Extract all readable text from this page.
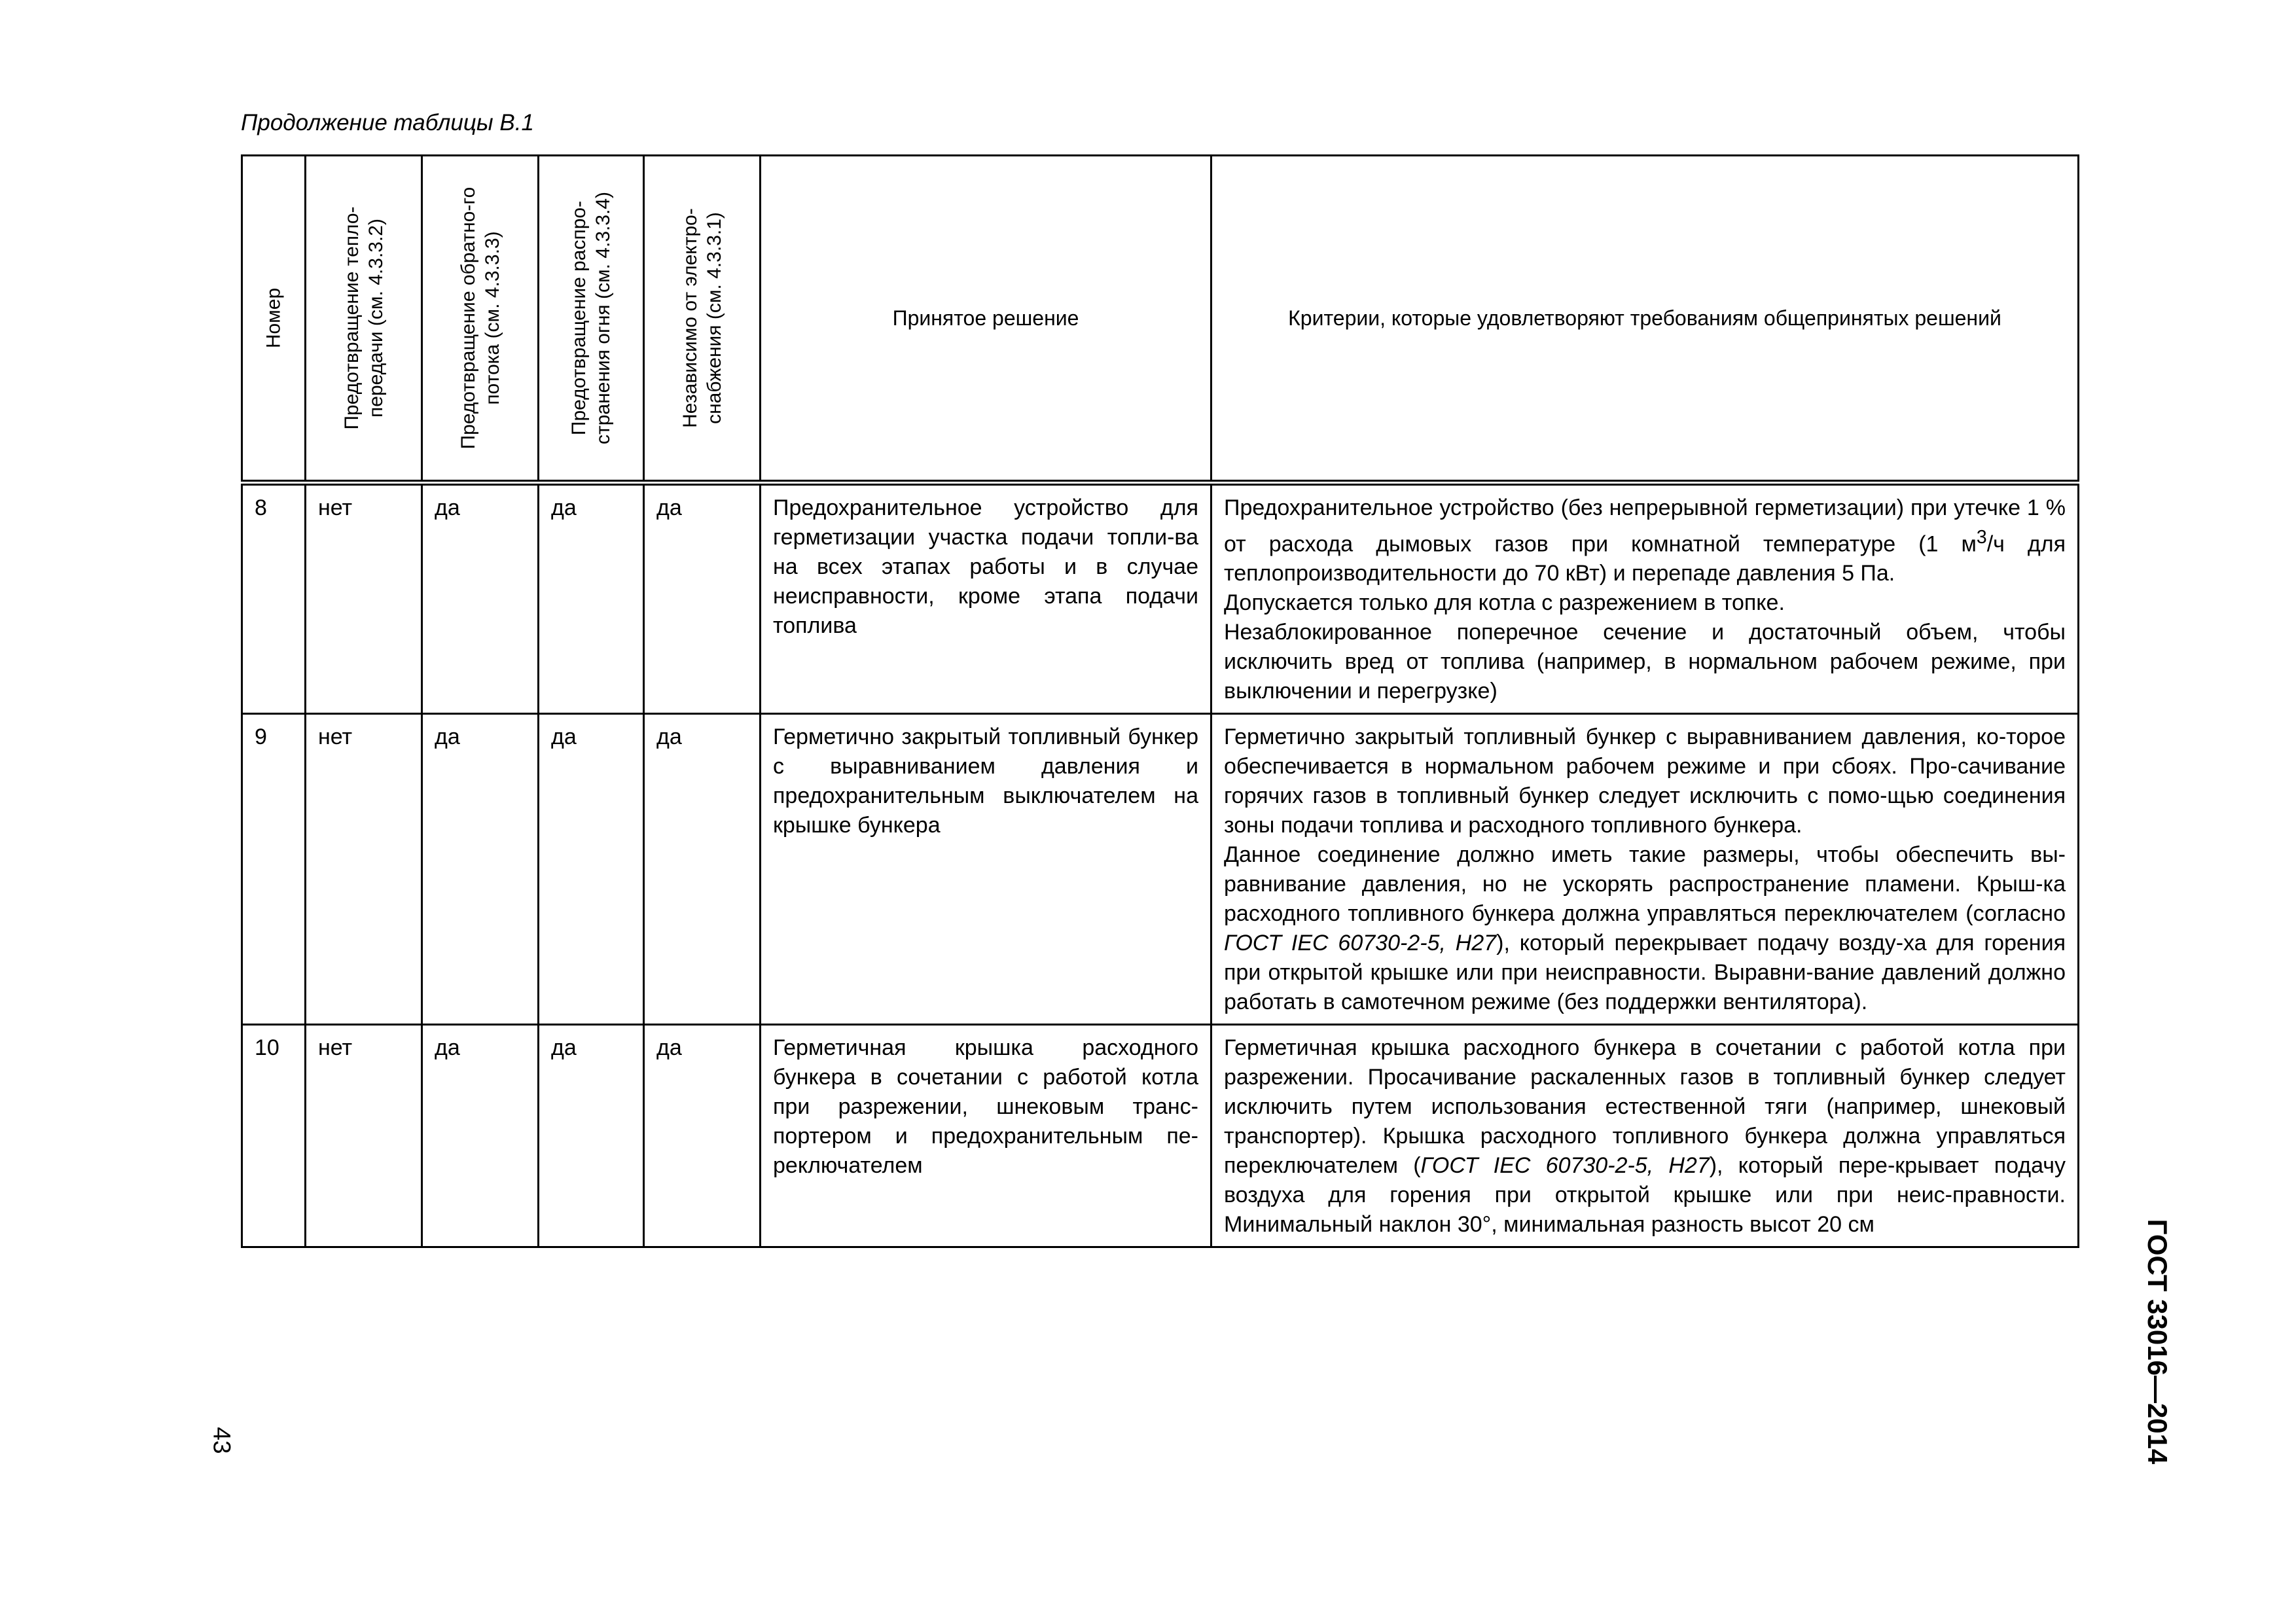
Продолжение таблицы В.1
Номер	Предотвращение тепло-передачи (см. 4.3.3.2)	Предотвращение обратно-го потока (см. 4.3.3.3)	Предотвращение распро-странения огня (см. 4.3.3.4)	Независимо от электро-снабжения (см. 4.3.3.1)	Принятое решение	Критерии, которые удовлетворяют требованиям общепринятых решений

8	нет	да	да	да	Предохранительное устройство для герметизации участка подачи топли-ва на всех этапах работы и в случае неисправности, кроме этапа подачи топлива	Предохранительное устройство (без непрерывной герметизации) при утечке 1 % от расхода дымовых газов при комнатной температуре (1 $м^3/ч$ для теплопроизводительности до 70 кВт) и перепаде давления 5 Па.
Допускается только для котла с разрежением в топке.
Незаблокированное поперечное сечение и достаточный объем, чтобы исключить вред от топлива (например, в нормальном рабочем режиме, при выключении и перегрузке)

9	нет	да	да	да	Герметично закрытый топливный бункер с выравниванием давления и предохранительным выключателем на крышке бункера	Герметично закрытый топливный бункер с выравниванием давления, ко-торое обеспечивается в нормальном рабочем режиме и при сбоях. Про-сачивание горячих газов в топливный бункер следует исключить с помо-щью соединения зоны подачи топлива и расходного топливного бункера.
Данное соединение должно иметь такие размеры, чтобы обеспечить вы-равнивание давления, но не ускорять распространение пламени. Крыш-ка расходного топливного бункера должна управляться переключателем (согласно ГОСТ IEC 60730-2-5, Н27), который перекрывает подачу возду-ха для горения при открытой крышке или при неисправности. Выравни-вание давлений должно работать в самотечном режиме (без поддержки вентилятора).

10	нет	да	да	да	Герметичная крышка расходного бункера в сочетании с работой котла при разрежении, шнековым транс-портером и предохранительным пе-реключателем	Герметичная крышка расходного бункера в сочетании с работой котла при разрежении. Просачивание раскаленных газов в топливный бункер следует исключить путем использования естественной тяги (например, шнековый транспортер). Крышка расходного топливного бункера должна управляться переключателем (ГОСТ IEC 60730-2-5, Н27), который пере-крывает подачу воздуха для горения при открытой крышке или при неис-правности. Минимальный наклон 30°, минимальная разность высот 20 см
43	ГОСТ 33016—2014
